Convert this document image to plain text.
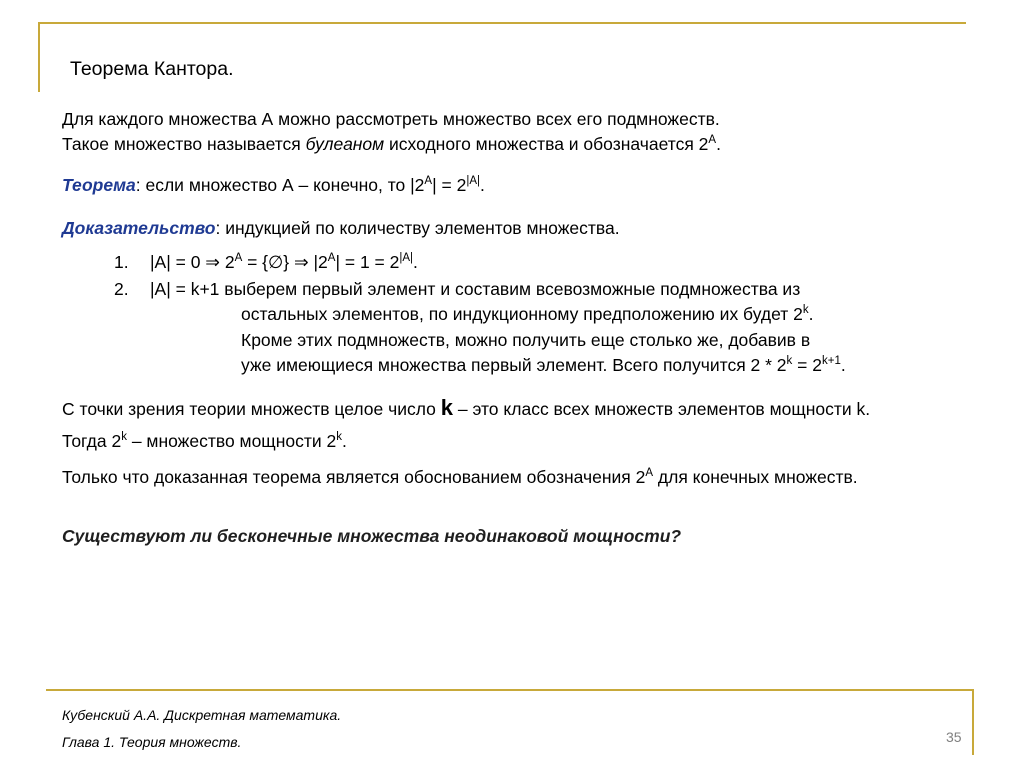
Теорема Кантора.
Для каждого множества А можно рассмотреть множество всех его подмножеств.
Такое множество называется булеаном исходного множества и обозначается $2^A$.
Теорема: если множество А – конечно, то $|2^A| = 2^{|A|}$.
Доказательство: индукцией по количеству элементов множества.
1. |A| = 0 ⇒ $2^A$ = {∅} ⇒ $|2^A| = 1 = 2^{|A|}$.
2. |A| = k+1 выберем первый элемент и составим всевозможные подмножества из
остальных элементов, по индукционному предположению их будет 2$^k$.
Кроме этих подмножеств, можно получить еще столько же, добавив в
уже имеющиеся множества первый элемент. Всего получится $2 * 2^k = 2^{k+1}$.
С точки зрения теории множеств целое число k – это класс всех множеств элементов мощности k.
Тогда 2$^k$ – множество мощности 2$^k$.
Только что доказанная теорема является обоснованием обозначения $2^A$ для конечных множеств.
Существуют ли бесконечные множества неодинаковой мощности?
Кубенский А.А. Дискретная математика.
Глава 1. Теория множеств.	35
